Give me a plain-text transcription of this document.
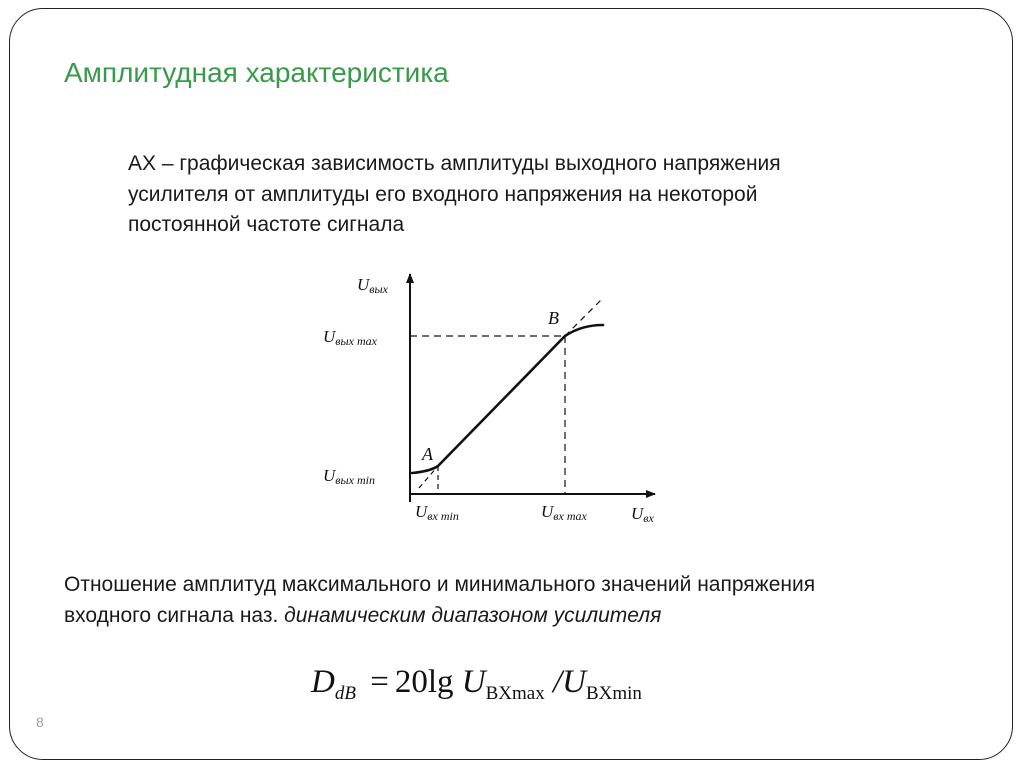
Амплитудная характеристика

АХ – графическая зависимость амплитуды выходного напряжения
усилителя от амплитуды его входного напряжения на некоторой
постоянной частоте сигнала

Uвых
Uвых max
Uвых min
Uвх min	Uвх max	Uвх
A
B

Отношение амплитуд максимального и минимального значений напряжения
входного сигнала наз. динамическим диапазоном усилителя

$D_{dB} = 20\lg$ $U_{BXmax}$ $/U_{BXmin}$
8
